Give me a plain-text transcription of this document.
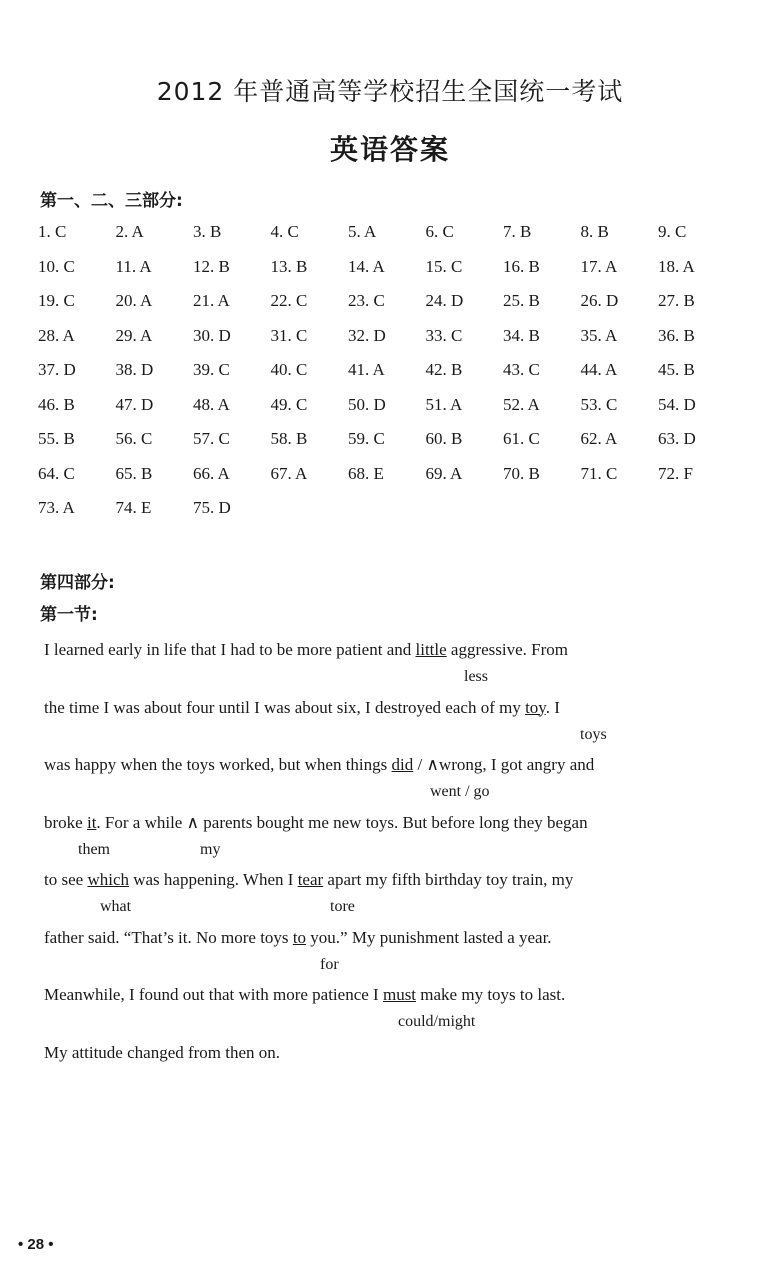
2012 年普通高等学校招生全国统一考试
英语答案
第一、二、三部分:
1. C	2. A	3. B	4. C	5. A	6. C	7. B	8. B	9. C
10. C	11. A	12. B	13. B	14. A	15. C	16. B	17. A	18. A
19. C	20. A	21. A	22. C	23. C	24. D	25. B	26. D	27. B
28. A	29. A	30. D	31. C	32. D	33. C	34. B	35. A	36. B
37. D	38. D	39. C	40. C	41. A	42. B	43. C	44. A	45. B
46. B	47. D	48. A	49. C	50. D	51. A	52. A	53. C	54. D
55. B	56. C	57. C	58. B	59. C	60. B	61. C	62. A	63. D
64. C	65. B	66. A	67. A	68. E	69. A	70. B	71. C	72. F
73. A	74. E	75. D
第四部分:
第一节:
I learned early in life that I had to be more patient and little aggressive. From
less
the time I was about four until I was about six, I destroyed each of my toy. I
toys
was happy when the toys worked, but when things did / ∧wrong, I got angry and
went / go
broke it. For a while ∧ parents bought me new toys. But before long they began
them	my
to see which was happening. When I tear apart my fifth birthday toy train, my
what	tore
father said. “That’s it. No more toys to you.” My punishment lasted a year.
for
Meanwhile, I found out that with more patience I must make my toys to last.
could/might
My attitude changed from then on.
• 28 •
